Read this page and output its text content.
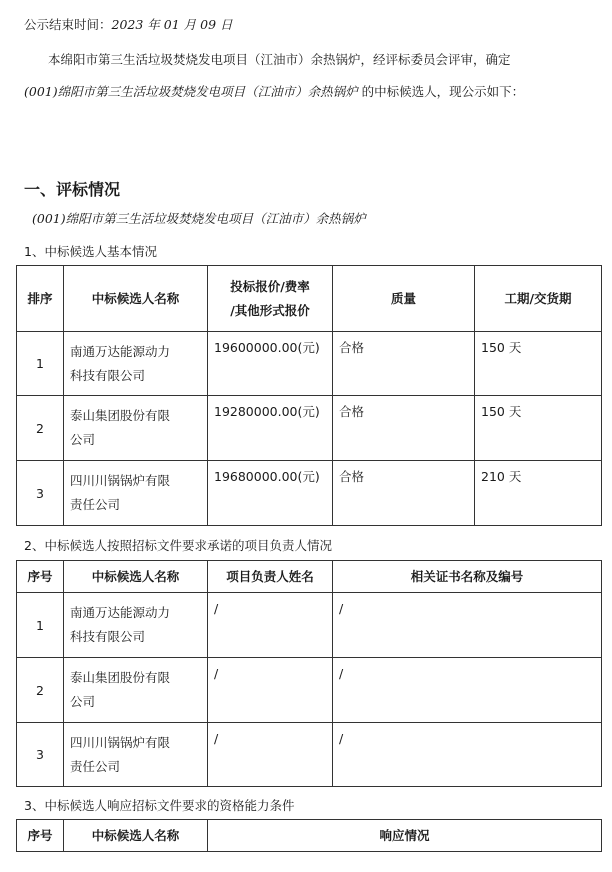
公示结束时间：2023 年 01 月 09 日
本绵阳市第三生活垃圾焚烧发电项目（江油市）余热锅炉，经评标委员会评审，确定
(001)绵阳市第三生活垃圾焚烧发电项目（江油市）余热锅炉 的中标候选人，现公示如下：
一、评标情况
(001)绵阳市第三生活垃圾焚烧发电项目（江油市）余热锅炉
1、中标候选人基本情况
排序	中标候选人名称	投标报价/费率
/其他形式报价	质量	工期/交货期
1	南通万达能源动力
科技有限公司	19600000.00(元)	合格	150 天

2	泰山集团股份有限
公司	19280000.00(元)	合格	150 天

3	四川川锅锅炉有限
责任公司	19680000.00(元)	合格	210 天
2、中标候选人按照招标文件要求承诺的项目负责人情况
序号	中标候选人名称	项目负责人姓名	相关证书名称及编号
1	南通万达能源动力
科技有限公司	/	/

2	泰山集团股份有限
公司	/	/

3	四川川锅锅炉有限
责任公司	/	/
3、中标候选人响应招标文件要求的资格能力条件
序号	中标候选人名称	响应情况
